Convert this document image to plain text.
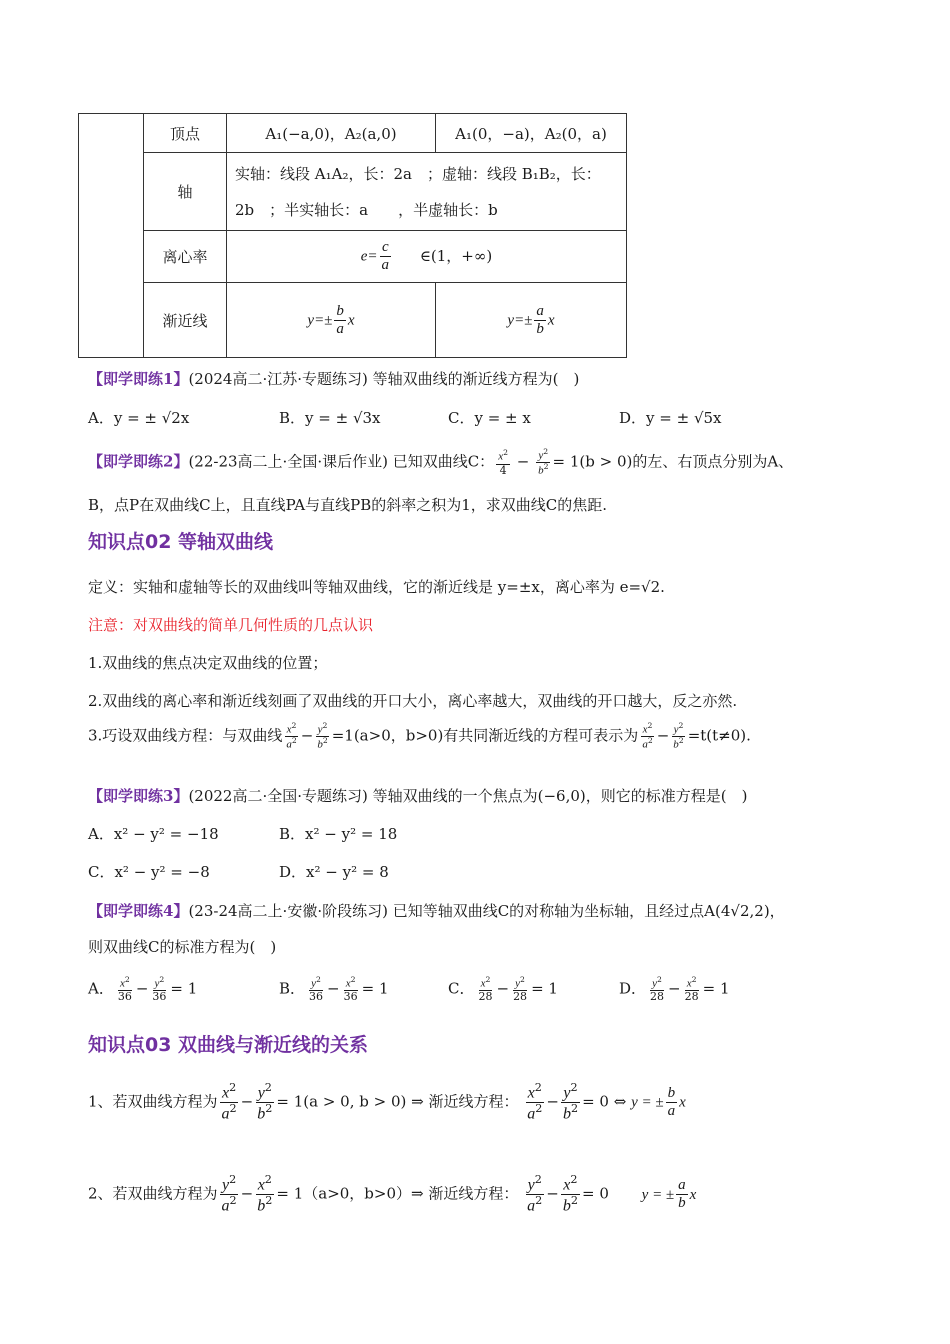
	顶点	A₁(−a,0)，A₂(a,0)	A₁(0，−a)，A₂(0，a)
	轴	实轴：线段 A₁A₂，长：2a　；虚轴：线段 B₁B₂，长：
2b　；半实轴长：a　　，半虚轴长：b	

	离心率	$e= \frac{c}{a}$ ∈(1，+∞)	
	渐近线	$y=\pm \frac{b}{a}$ x	$y=\pm \frac{a}{b}$ x
【即学即练1】(2024高二·江苏·专题练习) 等轴双曲线的渐近线方程为(　)
A．y = ± √2x	B．y = ± √3x	C．y = ± x	D．y = ± √5x
【即学即练2】(22-23高二上·全国·课后作业) 已知双曲线C： $\frac{x^2}{4} - \frac{y^2}{b^2} = 1(b > 0)$的左、右顶点分别为A、
B，点P在双曲线C上，且直线PA与直线PB的斜率之积为1，求双曲线C的焦距.
知识点02 等轴双曲线
定义：实轴和虚轴等长的双曲线叫等轴双曲线，它的渐近线是 y=±x，离心率为 e=√2.
注意：对双曲线的简单几何性质的几点认识
1.双曲线的焦点决定双曲线的位置；
2.双曲线的离心率和渐近线刻画了双曲线的开口大小，离心率越大，双曲线的开口越大，反之亦然.
3.巧设双曲线方程：与双曲线 $\frac{x^2}{a^2} - \frac{y^2}{b^2} =1(a>0$，b>0)有共同渐近线的方程可表示为 $\frac{x^2}{a^2} - \frac{y^2}{b^2} =t(t\ne 0)$.
【即学即练3】(2022高二·全国·专题练习) 等轴双曲线的一个焦点为(−6,0)，则它的标准方程是(　)
A．x² − y² = −18	B．x² − y² = 18
C．x² − y² = −8	D．x² − y² = 8
【即学即练4】(23-24高二上·安徽·阶段练习) 已知等轴双曲线C的对称轴为坐标轴，且经过点A(4√2,2)，
则双曲线C的标准方程为(　)
A． $\frac{x^2}{36} - \frac{y^2}{36} = 1$	B． $\frac{y^2}{36} - \frac{x^2}{36} = 1$	C． $\frac{x^2}{28} - \frac{y^2}{28} = 1$	D． $\frac{y^2}{28} - \frac{x^2}{28} = 1$
知识点03 双曲线与渐近线的关系
1、若双曲线方程为 $\frac{x^2}{a^2} - \frac{y^2}{b^2} = 1(a > 0$, b > 0) ⇒ 渐近线方程： $\frac{x^2}{a^2} - \frac{y^2}{b^2} = 0$ ⇔ y = ± $\frac{b}{a}$ x
2、若双曲线方程为 $\frac{y^2}{a^2} - \frac{x^2}{b^2} = 1(a>0$，b>0）⇒ 渐近线方程： $\frac{y^2}{a^2} - \frac{x^2}{b^2} = 0$ y = ± $\frac{a}{b}$ x
